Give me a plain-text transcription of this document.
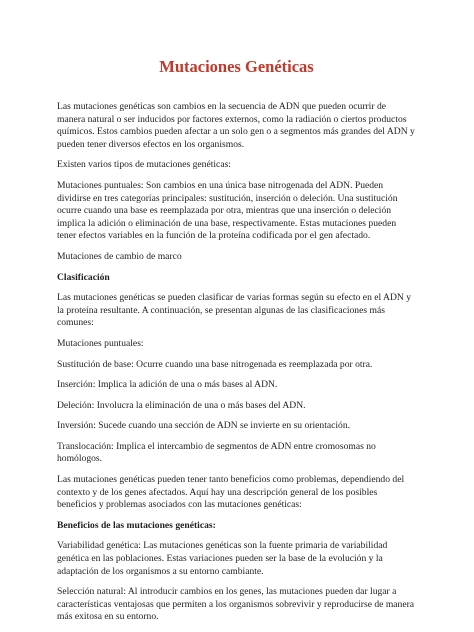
Mutaciones Genéticas

Las mutaciones genéticas son cambios en la secuencia de ADN que pueden ocurrir de manera natural o ser inducidos por factores externos, como la radiación o ciertos productos químicos. Estos cambios pueden afectar a un solo gen o a segmentos más grandes del ADN y pueden tener diversos efectos en los organismos.

Existen varios tipos de mutaciones genéticas:

Mutaciones puntuales: Son cambios en una única base nitrogenada del ADN. Pueden dividirse en tres categorías principales: sustitución, inserción o deleción. Una sustitución ocurre cuando una base es reemplazada por otra, mientras que una inserción o deleción implica la adición o eliminación de una base, respectivamente. Estas mutaciones pueden tener efectos variables en la función de la proteína codificada por el gen afectado.

Mutaciones de cambio de marco

Clasificación

Las mutaciones genéticas se pueden clasificar de varias formas según su efecto en el ADN y la proteína resultante. A continuación, se presentan algunas de las clasificaciones más comunes:

Mutaciones puntuales:

Sustitución de base: Ocurre cuando una base nitrogenada es reemplazada por otra.

Inserción: Implica la adición de una o más bases al ADN.

Deleción: Involucra la eliminación de una o más bases del ADN.

Inversión: Sucede cuando una sección de ADN se invierte en su orientación.

Translocación: Implica el intercambio de segmentos de ADN entre cromosomas no homólogos.

Las mutaciones genéticas pueden tener tanto beneficios como problemas, dependiendo del contexto y de los genes afectados. Aquí hay una descripción general de los posibles beneficios y problemas asociados con las mutaciones genéticas:

Beneficios de las mutaciones genéticas:

Variabilidad genética: Las mutaciones genéticas son la fuente primaria de variabilidad genética en las poblaciones. Estas variaciones pueden ser la base de la evolución y la adaptación de los organismos a su entorno cambiante.

Selección natural: Al introducir cambios en los genes, las mutaciones pueden dar lugar a características ventajosas que permiten a los organismos sobrevivir y reproducirse de manera más exitosa en su entorno.
